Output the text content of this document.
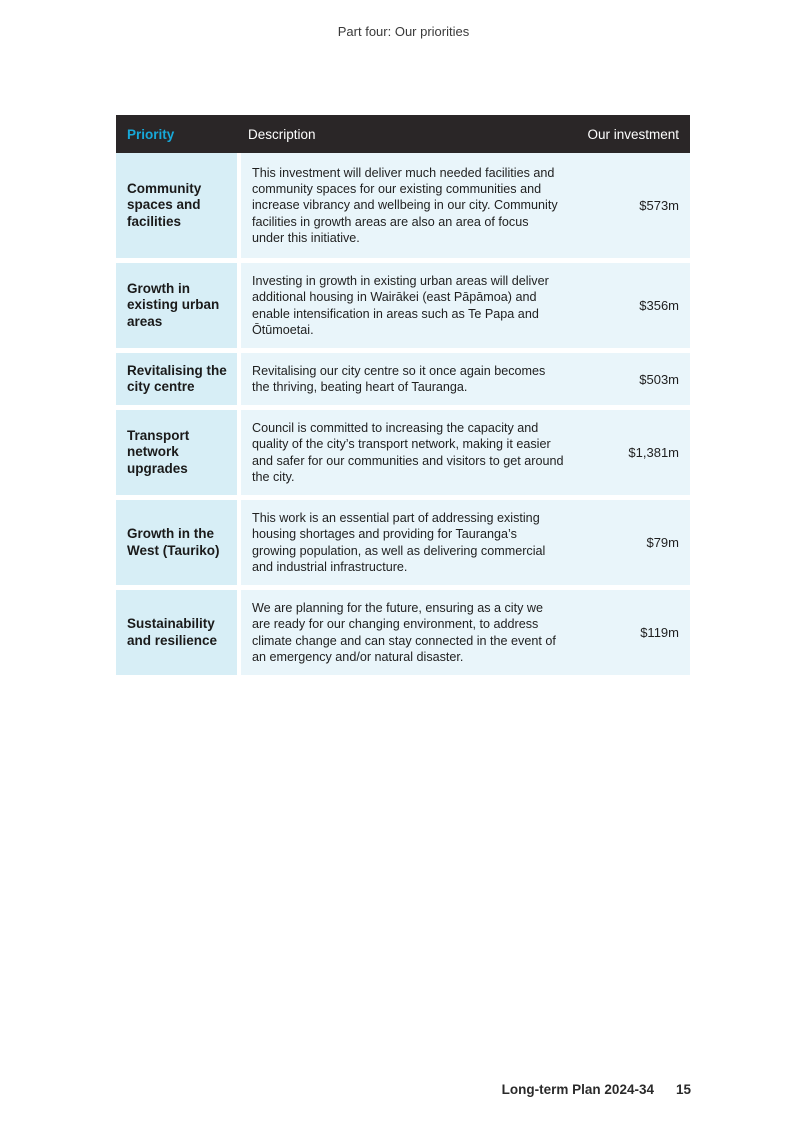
Part four: Our priorities
Priority	Description	Our investment
Community spaces and facilities
This investment will deliver much needed facilities and community spaces for our existing communities and increase vibrancy and wellbeing in our city. Community facilities in growth areas are also an area of focus under this initiative.
$573m
Growth in existing urban areas
Investing in growth in existing urban areas will deliver additional housing in Wairākei (east Pāpāmoa) and enable intensification in areas such as Te Papa and Ōtūmoetai.
$356m
Revitalising the city centre
Revitalising our city centre so it once again becomes the thriving, beating heart of Tauranga.
$503m
Transport network upgrades
Council is committed to increasing the capacity and quality of the city’s transport network, making it easier and safer for our communities and visitors to get around the city.
$1,381m
Growth in the West (Tauriko)
This work is an essential part of addressing existing housing shortages and providing for Tauranga’s growing population, as well as delivering commercial and industrial infrastructure.
$79m
Sustainability and resilience
We are planning for the future, ensuring as a city we are ready for our changing environment, to address climate change and can stay connected in the event of an emergency and/or natural disaster.
$119m
Long-term Plan 2024-34 15
